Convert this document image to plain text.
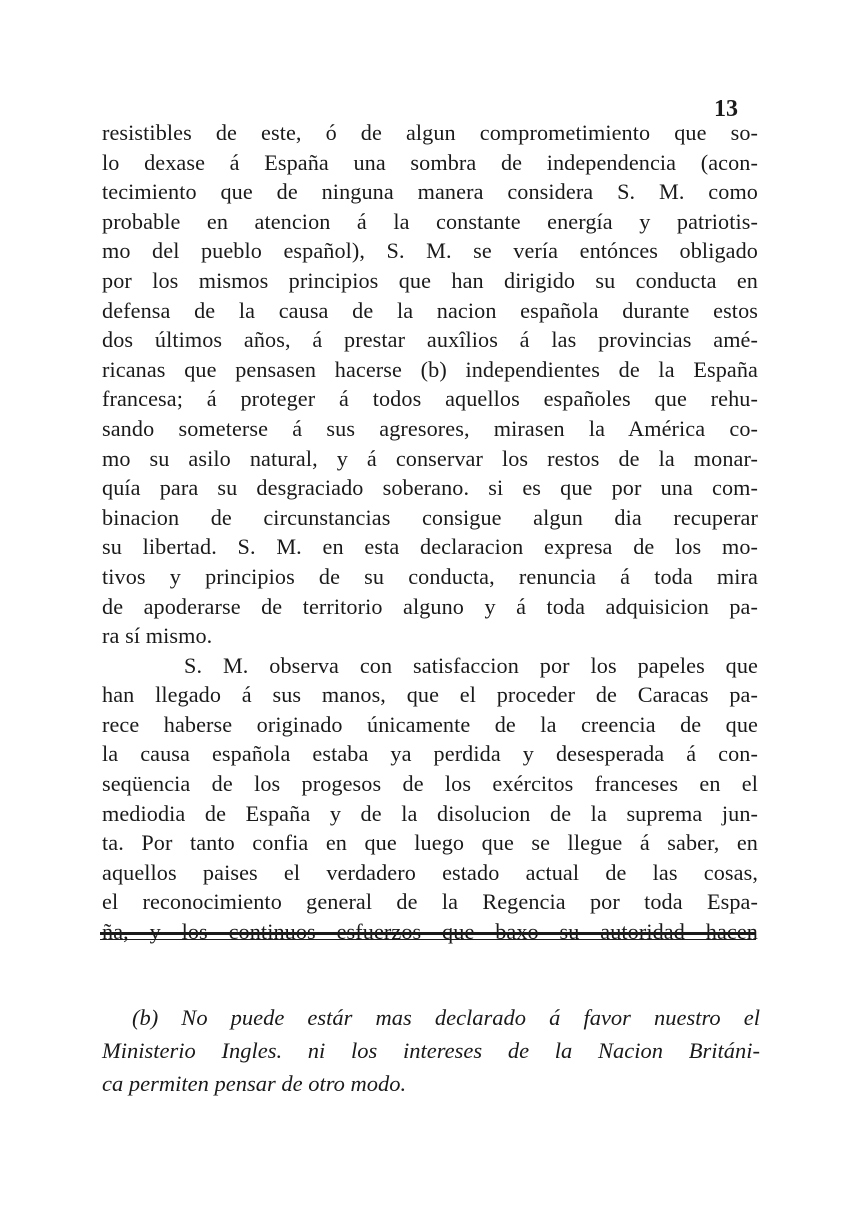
13
resistibles de este, ó de algun comprometimiento que so-
lo dexase á España una sombra de independencia (acon-
tecimiento que de ninguna manera considera S. M. como
probable en atencion á la constante energía y patriotis-
mo del pueblo español), S. M. se vería entónces obligado
por los mismos principios que han dirigido su conducta en
defensa de la causa de la nacion española durante estos
dos últimos años, á prestar auxîlios á las provincias amé-
ricanas que pensasen hacerse (b) independientes de la España
francesa; á proteger á todos aquellos españoles que rehu-
sando someterse á sus agresores, mirasen la América co-
mo su asilo natural, y á conservar los restos de la monar-
quía para su desgraciado soberano. si es que por una com-
binacion de circunstancias consigue algun dia recuperar
su libertad. S. M. en esta declaracion expresa de los mo-
tivos y principios de su conducta, renuncia á toda mira
de apoderarse de territorio alguno y á toda adquisicion pa-
ra sí mismo.
S. M. observa con satisfaccion por los papeles que
han llegado á sus manos, que el proceder de Caracas pa-
rece haberse originado únicamente de la creencia de que
la causa española estaba ya perdida y desesperada á con-
seqüencia de los progesos de los exércitos franceses en el
mediodia de España y de la disolucion de la suprema jun-
ta. Por tanto confia en que luego que se llegue á saber, en
aquellos paises el verdadero estado actual de las cosas,
el reconocimiento general de la Regencia por toda Espa-
ña, y los continuos esfuerzos que baxo su autoridad hacen
(b) No puede estár mas declarado á favor nuestro el
Ministerio Ingles. ni los intereses de la Nacion Británi-
ca permiten pensar de otro modo.
